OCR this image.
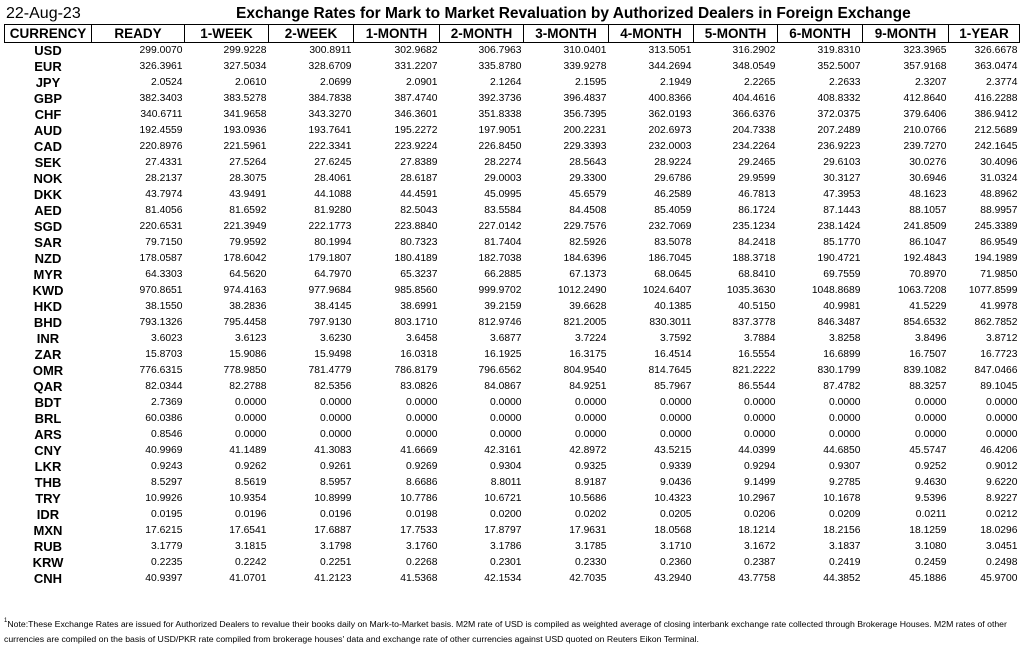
22-Aug-23	Exchange Rates for Mark to Market Revaluation by Authorized Dealers in Foreign Exchange
CURRENCY	READY	1-WEEK	2-WEEK	1-MONTH	2-MONTH	3-MONTH	4-MONTH	5-MONTH	6-MONTH	9-MONTH	1-YEAR
USD	299.0070	299.9228	300.8911	302.9682	306.7963	310.0401	313.5051	316.2902	319.8310	323.3965	326.6678
EUR	326.3961	327.5034	328.6709	331.2207	335.8780	339.9278	344.2694	348.0549	352.5007	357.9168	363.0474
JPY	2.0524	2.0610	2.0699	2.0901	2.1264	2.1595	2.1949	2.2265	2.2633	2.3207	2.3774
GBP	382.3403	383.5278	384.7838	387.4740	392.3736	396.4837	400.8366	404.4616	408.8332	412.8640	416.2288
CHF	340.6711	341.9658	343.3270	346.3601	351.8338	356.7395	362.0193	366.6376	372.0375	379.6406	386.9412
AUD	192.4559	193.0936	193.7641	195.2272	197.9051	200.2231	202.6973	204.7338	207.2489	210.0766	212.5689
CAD	220.8976	221.5961	222.3341	223.9224	226.8450	229.3393	232.0003	234.2264	236.9223	239.7270	242.1645
SEK	27.4331	27.5264	27.6245	27.8389	28.2274	28.5643	28.9224	29.2465	29.6103	30.0276	30.4096
NOK	28.2137	28.3075	28.4061	28.6187	29.0003	29.3300	29.6786	29.9599	30.3127	30.6946	31.0324
DKK	43.7974	43.9491	44.1088	44.4591	45.0995	45.6579	46.2589	46.7813	47.3953	48.1623	48.8962
AED	81.4056	81.6592	81.9280	82.5043	83.5584	84.4508	85.4059	86.1724	87.1443	88.1057	88.9957
SGD	220.6531	221.3949	222.1773	223.8840	227.0142	229.7576	232.7069	235.1234	238.1424	241.8509	245.3389
SAR	79.7150	79.9592	80.1994	80.7323	81.7404	82.5926	83.5078	84.2418	85.1770	86.1047	86.9549
NZD	178.0587	178.6042	179.1807	180.4189	182.7038	184.6396	186.7045	188.3718	190.4721	192.4843	194.1989
MYR	64.3303	64.5620	64.7970	65.3237	66.2885	67.1373	68.0645	68.8410	69.7559	70.8970	71.9850
KWD	970.8651	974.4163	977.9684	985.8560	999.9702	1012.2490	1024.6407	1035.3630	1048.8689	1063.7208	1077.8599
HKD	38.1550	38.2836	38.4145	38.6991	39.2159	39.6628	40.1385	40.5150	40.9981	41.5229	41.9978
BHD	793.1326	795.4458	797.9130	803.1710	812.9746	821.2005	830.3011	837.3778	846.3487	854.6532	862.7852
INR	3.6023	3.6123	3.6230	3.6458	3.6877	3.7224	3.7592	3.7884	3.8258	3.8496	3.8712
ZAR	15.8703	15.9086	15.9498	16.0318	16.1925	16.3175	16.4514	16.5554	16.6899	16.7507	16.7723
OMR	776.6315	778.9850	781.4779	786.8179	796.6562	804.9540	814.7645	821.2222	830.1799	839.1082	847.0466
QAR	82.0344	82.2788	82.5356	83.0826	84.0867	84.9251	85.7967	86.5544	87.4782	88.3257	89.1045
BDT	2.7369	0.0000	0.0000	0.0000	0.0000	0.0000	0.0000	0.0000	0.0000	0.0000	0.0000
BRL	60.0386	0.0000	0.0000	0.0000	0.0000	0.0000	0.0000	0.0000	0.0000	0.0000	0.0000
ARS	0.8546	0.0000	0.0000	0.0000	0.0000	0.0000	0.0000	0.0000	0.0000	0.0000	0.0000
CNY	40.9969	41.1489	41.3083	41.6669	42.3161	42.8972	43.5215	44.0399	44.6850	45.5747	46.4206
LKR	0.9243	0.9262	0.9261	0.9269	0.9304	0.9325	0.9339	0.9294	0.9307	0.9252	0.9012
THB	8.5297	8.5619	8.5957	8.6686	8.8011	8.9187	9.0436	9.1499	9.2785	9.4630	9.6220
TRY	10.9926	10.9354	10.8999	10.7786	10.6721	10.5686	10.4323	10.2967	10.1678	9.5396	8.9227
IDR	0.0195	0.0196	0.0196	0.0198	0.0200	0.0202	0.0205	0.0206	0.0209	0.0211	0.0212
MXN	17.6215	17.6541	17.6887	17.7533	17.8797	17.9631	18.0568	18.1214	18.2156	18.1259	18.0296
RUB	3.1779	3.1815	3.1798	3.1760	3.1786	3.1785	3.1710	3.1672	3.1837	3.1080	3.0451
KRW	0.2235	0.2242	0.2251	0.2268	0.2301	0.2330	0.2360	0.2387	0.2419	0.2459	0.2498
CNH	40.9397	41.0701	41.2123	41.5368	42.1534	42.7035	43.2940	43.7758	44.3852	45.1886	45.9700
$^1$Note:These Exchange Rates are issued for Authorized Dealers to revalue their books daily on Mark-to-Market basis. M2M rate of USD is compiled as weighted average of closing interbank exchange rate collected through Brokerage Houses. M2M rates of other currencies are compiled on the basis of USD/PKR rate compiled from brokerage houses' data and exchange rate of other currencies against USD quoted on Reuters Eikon Terminal.
